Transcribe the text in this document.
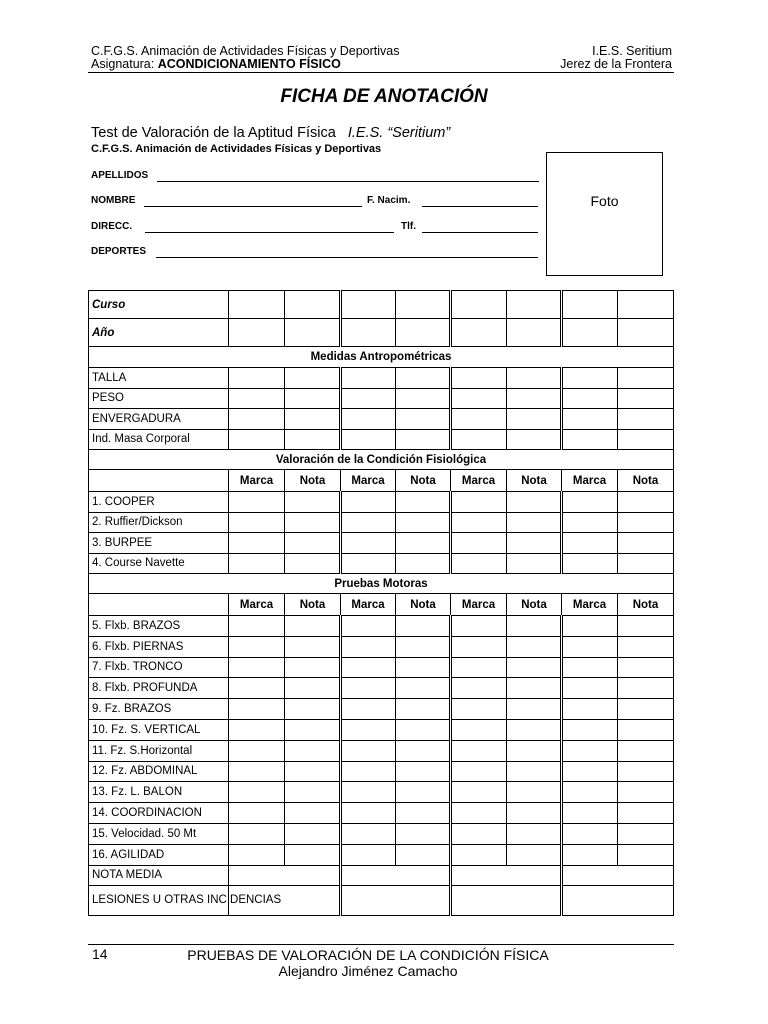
C.F.G.S. Animación de Actividades Físicas y Deportivas
Asignatura: ACONDICIONAMIENTO FÍSICO
I.E.S. Seritium
Jerez de la Frontera
FICHA DE ANOTACIÓN
Test de Valoración de la Aptitud Física I.E.S. “Seritium”
C.F.G.S. Animación de Actividades Físicas y Deportivas
APELLIDOS
NOMBRE	F. Nacim.
DIRECC.	Tlf.
DEPORTES
Foto
Curso								
Año								
Medidas Antropométricas								
TALLA								
PESO								
ENVERGADURA								
Ind. Masa Corporal								
Valoración de la Condición Fisiológica								
	Marca	Nota	Marca	Nota	Marca	Nota	Marca	Nota
1. COOPER								
2. Ruffier/Dickson								
3. BURPEE								
4. Course Navette								
Pruebas Motoras								
	Marca	Nota	Marca	Nota	Marca	Nota	Marca	Nota
5. Flxb. BRAZOS								
6. Flxb. PIERNAS								
7. Flxb. TRONCO								
8. Flxb. PROFUNDA								
9. Fz. BRAZOS								
10. Fz. S. VERTICAL								
11. Fz. S.Horizontal								
12. Fz. ABDOMINAL								
13. Fz. L. BALON								
14. COORDINACION								
15. Velocidad. 50 Mt								
16. AGILIDAD								
NOTA MEDIA								
LESIONES U OTRAS INCIDENCIAS								
14	PRUEBAS DE VALORACIÓN DE LA CONDICIÓN FÍSICA
Alejandro Jiménez Camacho
